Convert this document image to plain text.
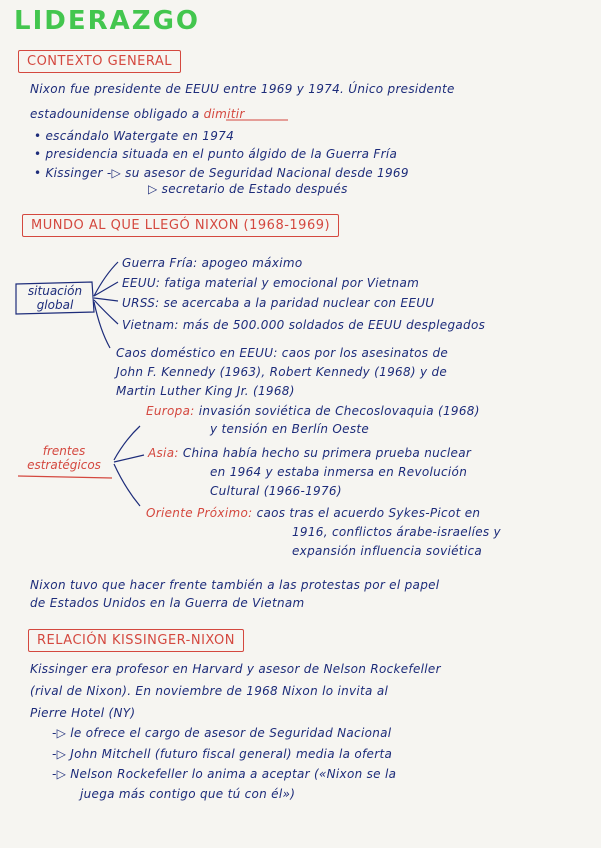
LIDERAZGO
CONTEXTO GENERAL
Nixon fue presidente de EEUU entre 1969 y 1974. Único presidente
estadounidense obligado a dimitir
• escándalo Watergate en 1974
• presidencia situada en el punto álgido de la Guerra Fría
• Kissinger -▷ su asesor de Seguridad Nacional desde 1969
▷ secretario de Estado después
MUNDO AL QUE LLEGÓ NIXON (1968-1969)
situación
global
Guerra Fría: apogeo máximo
EEUU: fatiga material y emocional por Vietnam
URSS: se acercaba a la paridad nuclear con EEUU
Vietnam: más de 500.000 soldados de EEUU desplegados
Caos doméstico en EEUU: caos por los asesinatos de
John F. Kennedy (1963), Robert Kennedy (1968) y de
Martin Luther King Jr. (1968)
frentes
estratégicos
Europa: invasión soviética de Checoslovaquia (1968)
y tensión en Berlín Oeste
Asia: China había hecho su primera prueba nuclear
en 1964 y estaba inmersa en Revolución
Cultural (1966-1976)
Oriente Próximo: caos tras el acuerdo Sykes-Picot en
1916, conflictos árabe-israelíes y
expansión influencia soviética
Nixon tuvo que hacer frente también a las protestas por el papel
de Estados Unidos en la Guerra de Vietnam
RELACIÓN KISSINGER-NIXON
Kissinger era profesor en Harvard y asesor de Nelson Rockefeller
(rival de Nixon). En noviembre de 1968 Nixon lo invita al
Pierre Hotel (NY)
-▷ le ofrece el cargo de asesor de Seguridad Nacional
-▷ John Mitchell (futuro fiscal general) media la oferta
-▷ Nelson Rockefeller lo anima a aceptar («Nixon se la
juega más contigo que tú con él»)
